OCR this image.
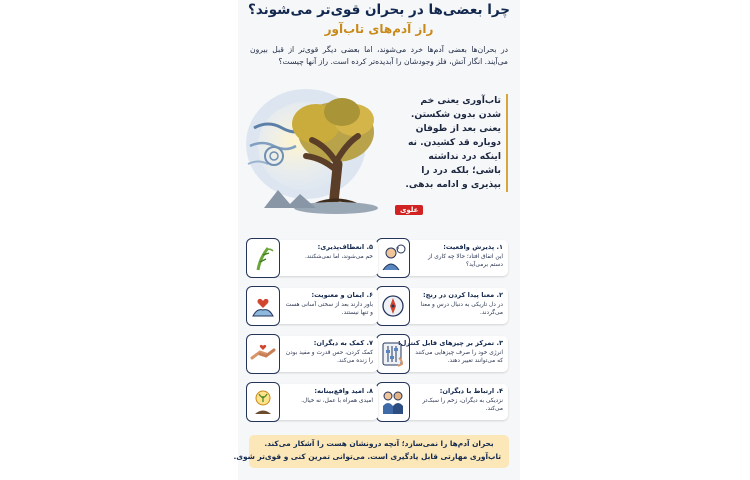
چرا بعضی‌ها در بحران قوی‌تر می‌شوند؟
راز آدم‌های تاب‌آور
در بحران‌ها بعضی آدم‌ها خرد می‌شوند، اما بعضی دیگر قوی‌تر از قبل بیرون می‌آیند. انگار آتش، فلز وجودشان را آبدیده‌تر کرده است. راز آنها چیست؟
تاب‌آوری یعنی خم شدن بدون شکستن. یعنی بعد از طوفان دوباره قد کشیدن. نه اینکه درد نداشته باشی؛ بلکه درد را بپذیری و ادامه بدهی.
علوی
?	۱. پذیرش واقعیت:
این اتفاق افتاد؛ حالا چه کاری از دستم برمی‌آید؟
۵. انعطاف‌پذیری:
خم می‌شوند، اما نمی‌شکنند.
۲. معنا پیدا کردن در رنج:
در دل تاریکی به دنبال درس و معنا می‌گردند.
۶. ایمان و معنویت:
باور دارند بعد از سختی آسانی هست و تنها نیستند.
۳. تمرکز بر چیزهای قابل کنترل:
انرژی خود را صرف چیزهایی می‌کنند که می‌توانند تغییر دهند.
۷. کمک به دیگران:
کمک کردن، حس قدرت و مفید بودن را زنده می‌کند.
۴. ارتباط با دیگران:
نزدیکی به دیگران، زخم را سبک‌تر می‌کند.
۸. امید واقع‌بینانه:
امیدی همراه با عمل، نه خیال.
بحران آدم‌ها را نمی‌سازد؛ آنچه درونشان هست را آشکار می‌کند.
تاب‌آوری مهارتی قابل یادگیری است. می‌توانی تمرین کنی و قوی‌تر شوی.
